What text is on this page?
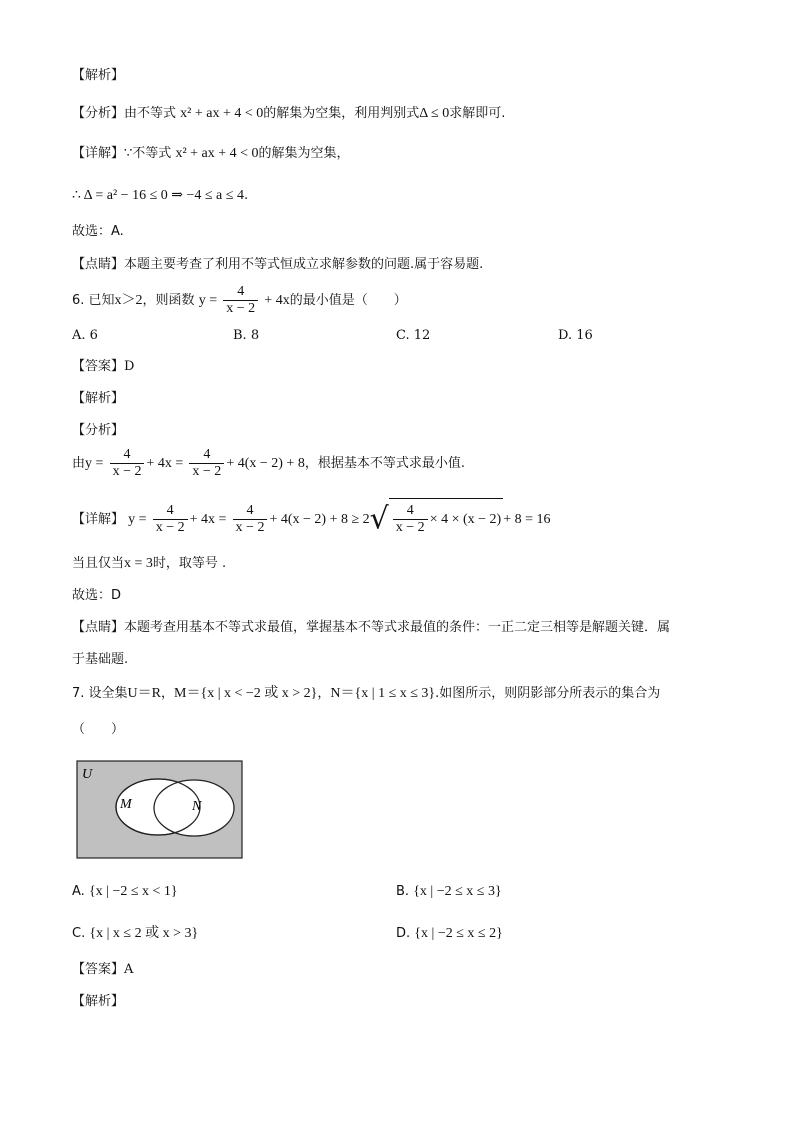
【解析】
【分析】由不等式 x² + ax + 4 < 0的解集为空集，利用判别式Δ ≤ 0求解即可.
【详解】∵不等式 x² + ax + 4 < 0的解集为空集，
∴ Δ = a² − 16 ≤ 0 ⇒ −4 ≤ a ≤ 4.
故选：A.
【点睛】本题主要考查了利用不等式恒成立求解参数的问题.属于容易题.
6. 已知x＞2，则函数 $y = \frac{4}{x - 2} + 4x$的最小值是（　　）
A. 6	B. 8	C. 12	D. 16
【答案】D
【解析】
【分析】
由$y = \frac{4}{x - 2} + 4x = \frac{4}{x - 2} + 4(x - 2) + 8$，根据基本不等式求最小值.
【详解】 $y = \frac{4}{x - 2} + 4x = \frac{4}{x - 2} + 4(x - 2) + 8 \ge 2√ \frac{4}{x - 2} \times 4 \times (x - 2) + 8 = 16$
当且仅当x = 3时，取等号 .
故选：D
【点睛】本题考查用基本不等式求最值，掌握基本不等式求最值的条件：一正二定三相等是解题关键．属
于基础题.
7. 设全集U＝R，M＝{x | x < −2 或 x > 2}，N＝{x | 1 ≤ x ≤ 3}.如图所示，则阴影部分所表示的集合为
（　　）
U
M	N
A. {x | −2 ≤ x < 1}	B. {x | −2 ≤ x ≤ 3}
C. {x | x ≤ 2 或 x > 3}	D. {x | −2 ≤ x ≤ 2}
【答案】A
【解析】
